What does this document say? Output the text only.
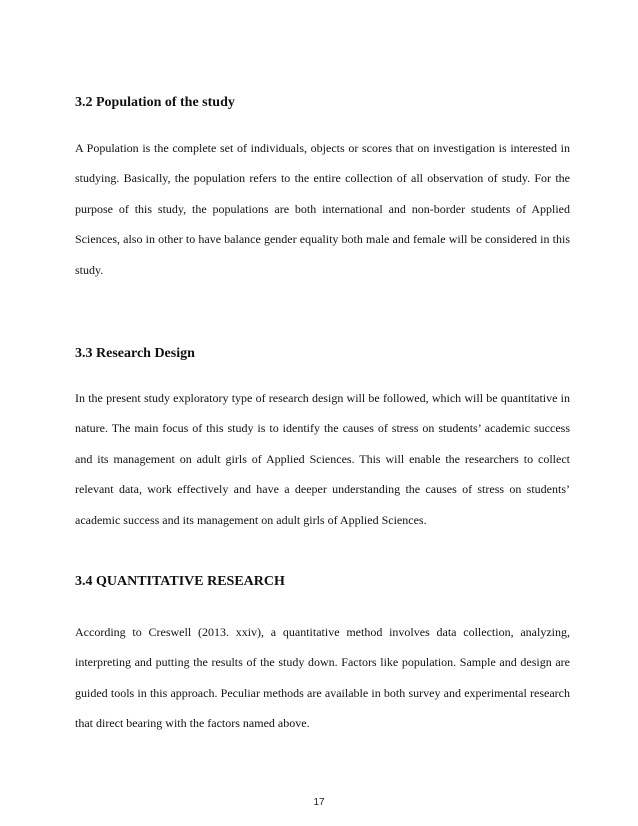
3.2 Population of the study

A Population is the complete set of individuals, objects or scores that on investigation is interested in studying. Basically, the population refers to the entire collection of all observation of study. For the purpose of this study, the populations are both international and non-border students of Applied Sciences, also in other to have balance gender equality both male and female will be considered in this study.

3.3 Research Design

In the present study exploratory type of research design will be followed, which will be quantitative in nature. The main focus of this study is to identify the causes of stress on students’ academic success and its management on adult girls of Applied Sciences. This will enable the researchers to collect relevant data, work effectively and have a deeper understanding the causes of stress on students’ academic success and its management on adult girls of Applied Sciences.

3.4 QUANTITATIVE RESEARCH

According to Creswell (2013. xxiv), a quantitative method involves data collection, analyzing, interpreting and putting the results of the study down. Factors like population. Sample and design are guided tools in this approach. Peculiar methods are available in both survey and experimental research that direct bearing with the factors named above.

17
